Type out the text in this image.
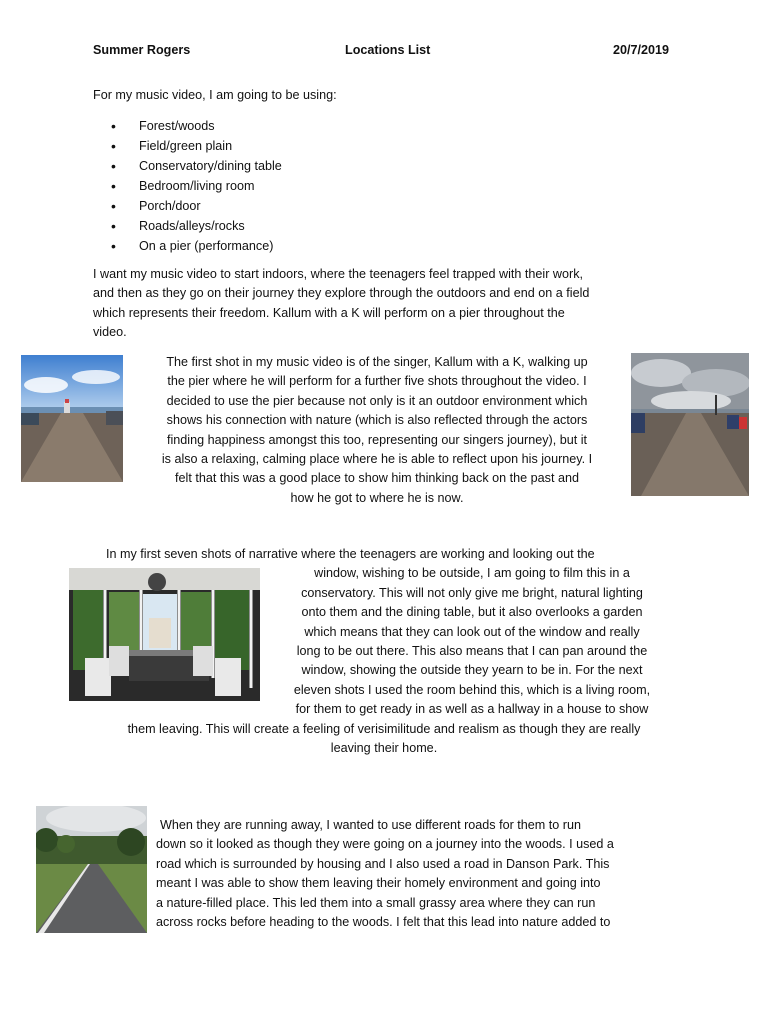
Summer Rogers	Locations List	20/7/2019
For my music video, I am going to be using:
• Forest/woods
• Field/green plain
• Conservatory/dining table
• Bedroom/living room
• Porch/door
• Roads/alleys/rocks
• On a pier (performance)
I want my music video to start indoors, where the teenagers feel trapped with their work,
and then as they go on their journey they explore through the outdoors and end on a field
which represents their freedom. Kallum with a K will perform on a pier throughout the
video.
The first shot in my music video is of the singer, Kallum with a K, walking up
the pier where he will perform for a further five shots throughout the video. I
decided to use the pier because not only is it an outdoor environment which
shows his connection with nature (which is also reflected through the actors
finding happiness amongst this too, representing our singers journey), but it
is also a relaxing, calming place where he is able to reflect upon his journey. I
felt that this was a good place to show him thinking back on the past and
how he got to where he is now.
In my first seven shots of narrative where the teenagers are working and looking out the
window, wishing to be outside, I am going to film this in a
conservatory. This will not only give me bright, natural lighting
onto them and the dining table, but it also overlooks a garden
which means that they can look out of the window and really
long to be out there. This also means that I can pan around the
window, showing the outside they yearn to be in. For the next
eleven shots I used the room behind this, which is a living room,
for them to get ready in as well as a hallway in a house to show
them leaving. This will create a feeling of verisimilitude and realism as though they are really
leaving their home.
When they are running away, I wanted to use different roads for them to run
down so it looked as though they were going on a journey into the woods. I used a
road which is surrounded by housing and I also used a road in Danson Park. This
meant I was able to show them leaving their homely environment and going into
a nature-filled place. This led them into a small grassy area where they can run
across rocks before heading to the woods. I felt that this lead into nature added to
